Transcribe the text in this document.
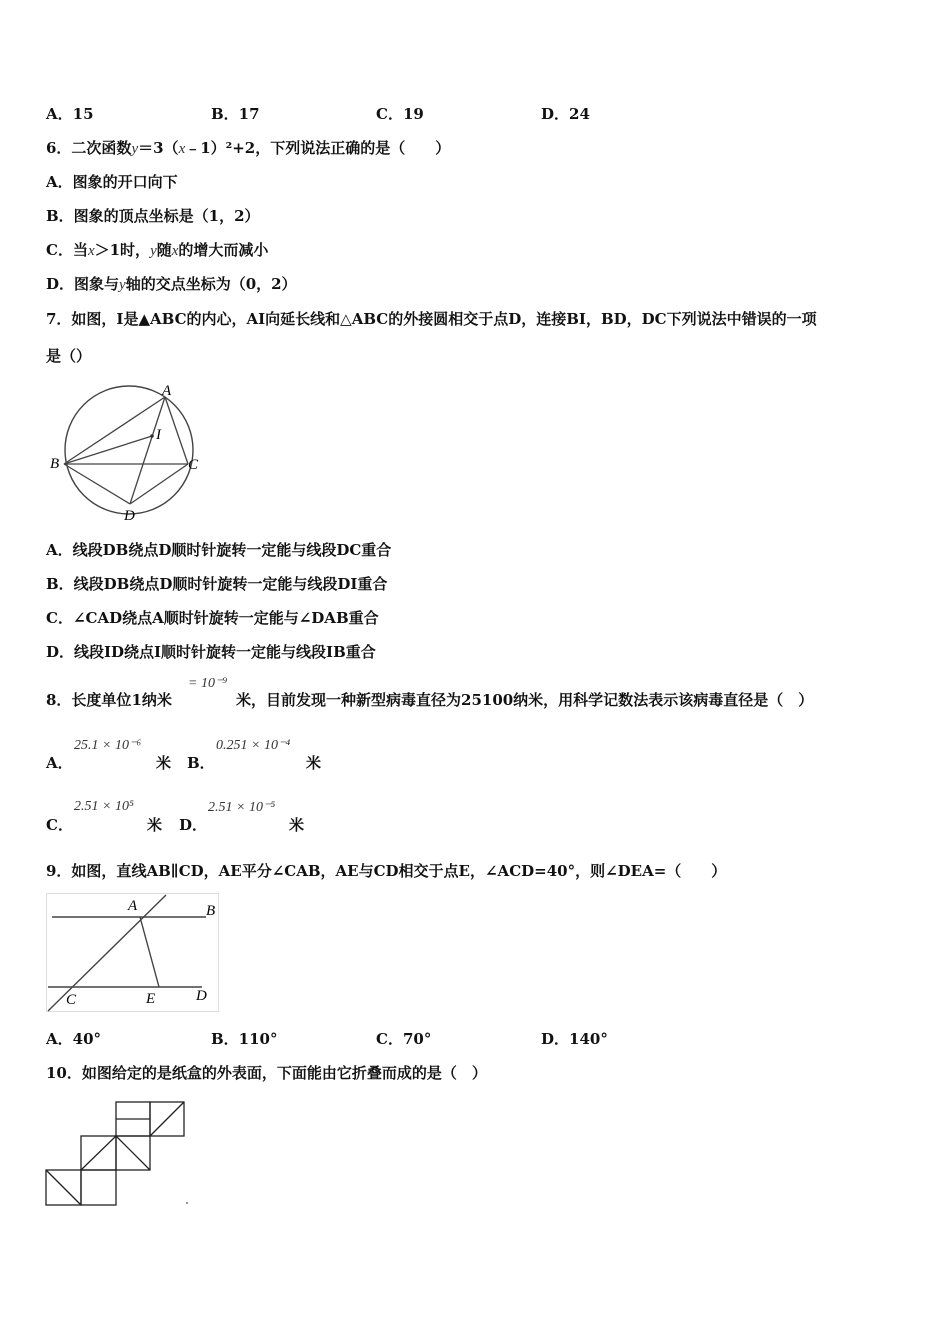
A．15	B．17	C．19	D．24
6．二次函数y＝3（x﹣1）²+2，下列说法正确的是（　　）
A．图象的开口向下
B．图象的顶点坐标是（1，2）
C．当x＞1时，y随x的增大而减小
D．图象与y轴的交点坐标为（0，2）
7．如图，I是▲ABC的内心，AI向延长线和△ABC的外接圆相交于点D，连接BI，BD，DC下列说法中错误的一项
是（）
A
I
B	C
D
A．线段DB绕点D顺时针旋转一定能与线段DC重合
B．线段DB绕点D顺时针旋转一定能与线段DI重合
C．∠CAD绕点A顺时针旋转一定能与∠DAB重合
D．线段ID绕点I顺时针旋转一定能与线段IB重合
8．长度单位1纳米
= 10⁻⁹
米，目前发现一种新型病毒直径为25100纳米，用科学记数法表示该病毒直径是（　）
A．
25.1 × 10⁻⁶
米 B．
0.251 × 10⁻⁴
米
C．
2.51 × 10⁵
米 D．
2.51 × 10⁻⁵
米
9．如图，直线AB∥CD，AE平分∠CAB，AE与CD相交于点E，∠ACD=40°，则∠DEA=（　　）
A	B
C	E	D
A．40°	B．110°	C．70°	D．140°
10．如图给定的是纸盒的外表面，下面能由它折叠而成的是（　）
